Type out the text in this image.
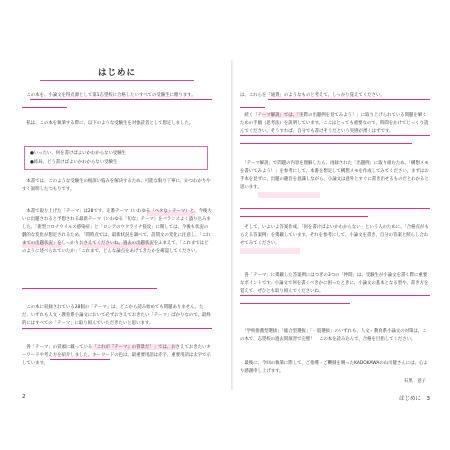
はじめに
　この本を、小論文を得点源として第1志望校に合格したいすべての受験生に贈ります。
　私は、この本を執筆する際に、以下のような受験生を対象読者として想定しました。
●いったい、何を書けばよいかわからない受験生
●結局、どう書けばよいかわからない受験生
　本書では、このような受験生の根深い悩みを解決するため、可能な限り丁寧に、かつわかりやすく説明したつもりです。
　本書で取り上げた「テーマ」は28です。定番テーマ（いわゆる「ベタな」テーマ）と、今後大いに出題されると予想される最新テーマ（いわゆる「旬な」テーマ）をバランスよく盛り込みました。「新型コロナウイルス感染症」と「ロシアのウクライナ侵攻」に関しては、今後も状況の劇的な変化が想定されるため、「問時点では、最新状況を調べて、設問文の変化に注意し、「これまでの出題状況」をしっかりおさえてくださいね。過去の出題状況をふまえて、「これまではどのように述べられていたか」「これまで、どんな論点をあげてきたかを確認してください。
　この本に収録されている28個の「テーマ」は、どこから読み始めても問題ありません。ただ、いずれも人文・教育系小論文において必ずおさえておきたい「テーマ」ばかりなので、最終的にはすべての「テーマ」に取り組んでいただきたいと思います。
　各「テーマ」の冒頭に載っている「これが『テーマ』の背景だ！」では、おさえておきたいキーワードや考え方を紹介しました。キーワードの色は、最重要用語は赤字、重要用語は太字で示しています。
2
は、これらを「通貨」のようなものと考えて、しっかり覚えてください。
　続く「テーマ解説」では、「実際の出題例を見てみよう！」に取り上げられている問題を解くための手順（思考法）を説明しています。ここはとっても重要なので、時間をかけてじっくり読んでください。そうすれば、自分でも書けそうだという実感が湧くはずです。
　「テーマ解説」で問題の内容を理解したら、再録された「出題例」に取り組むため、「構想メモを書いてみよう！」を参考にして、本番を想定して構想メモを作成してみてください。まずはお手本を見ずに、出題の趣旨を意識しながら、小論文は意外とすぐに書き出せるものだとわかると思います。
　そして、いよいよ答案作成。「何を書けばよいかわからない」という人のために、「合格点がもらえる答案例」を掲載しています。それを参考にして、小論文を書き、自分の答案と照らし合わせてみてください。
　各「テーマ」に掲載した答案例にはつぎの3つの「仲間」は、受験生が小論文を書く際に重要なポイントです。小論文で何を書くべきかに困ったときに、小論文の基本となる型や、書き方を覚えて、ぜひとも取り組んでくださいね。
　「学校推薦型選抜」「総合型選抜」「一般選抜」のいずれも、人文・教育系小論文の対策は、この本で、志望校の過去問演習で完璧！　この本を読み込んで、合格を目指してください。
　最後に、今回の執筆に際して、ご指導・ご鞭撻を賜ったKADOKAWAの山川健さんには、心より感謝申し上げます。
石黒　意子
はじめに　3
